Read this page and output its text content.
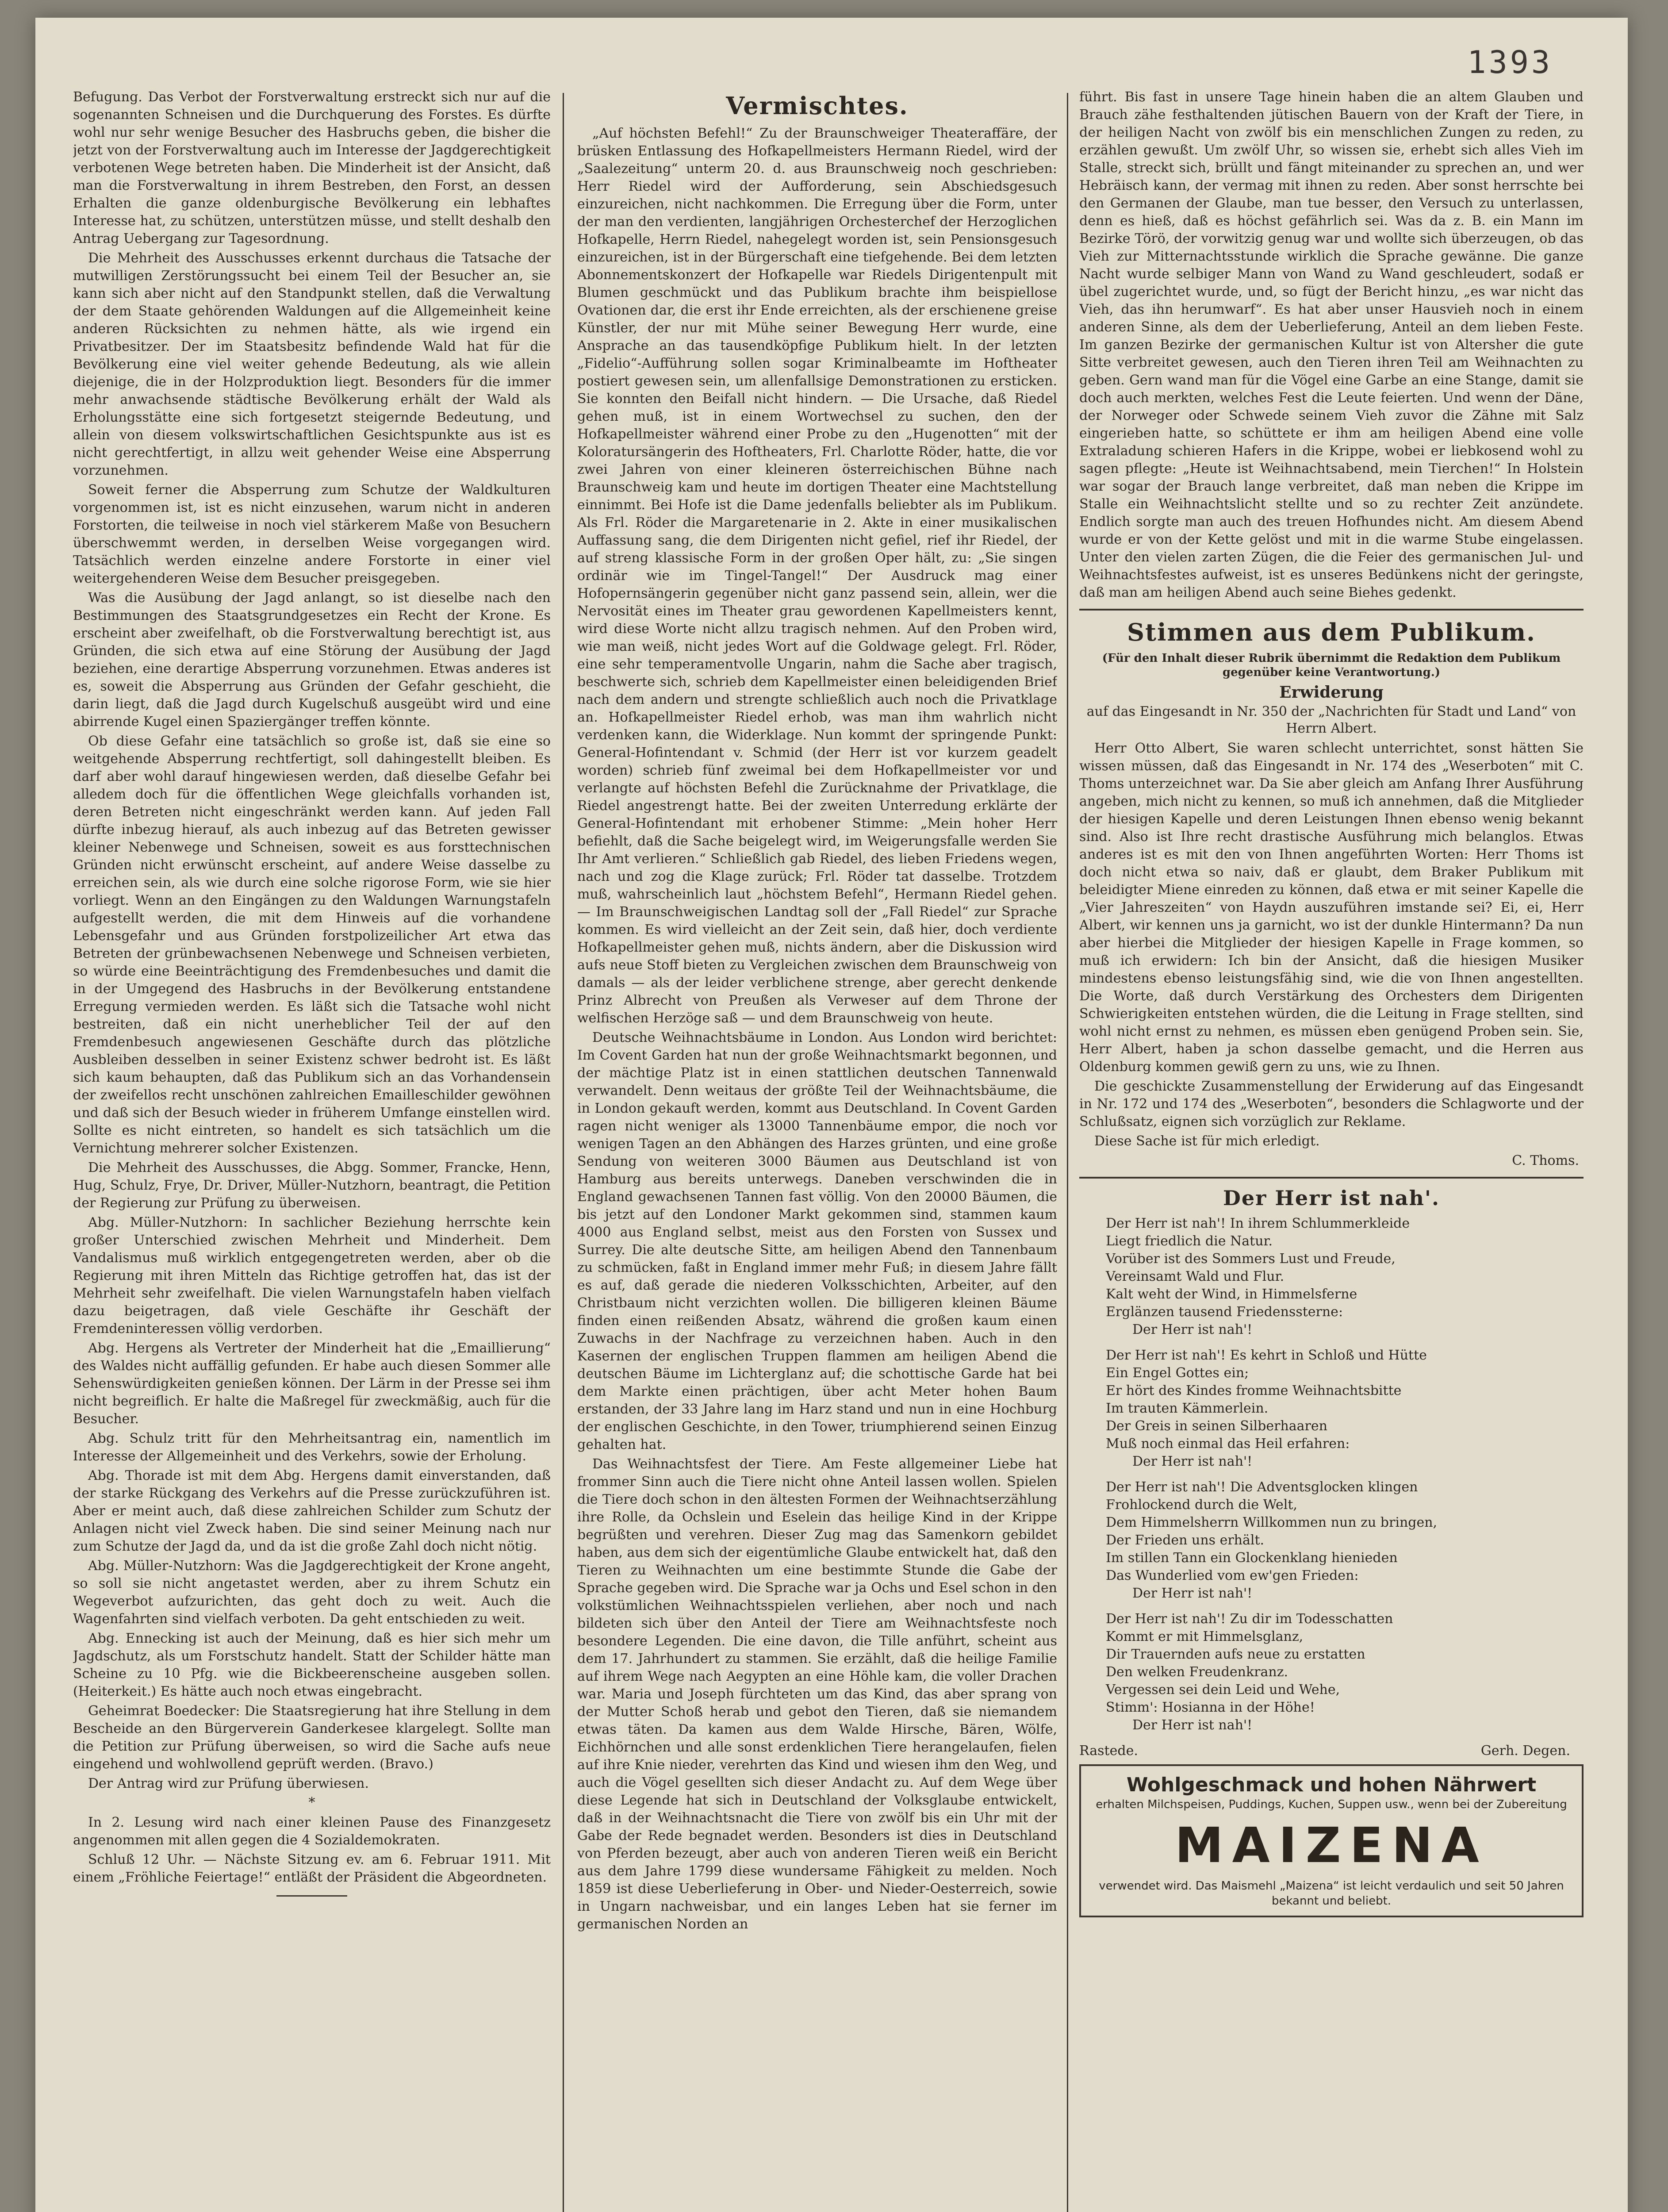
1393

Befugung. Das Verbot der Forstverwaltung erstreckt sich nur auf die sogenannten Schneisen und die Durchquerung des Forstes. Es dürfte wohl nur sehr wenige Besucher des Hasbruchs geben, die bisher die jetzt von der Forstverwaltung auch im Interesse der Jagdgerechtigkeit verbotenen Wege betreten haben. Die Minderheit ist der Ansicht, daß man die Forstverwaltung in ihrem Bestreben, den Forst, an dessen Erhalten die ganze oldenburgische Bevölkerung ein lebhaftes Interesse hat, zu schützen, unterstützen müsse, und stellt deshalb den Antrag Uebergang zur Tagesordnung.

Die Mehrheit des Ausschusses erkennt durchaus die Tatsache der mutwilligen Zerstörungssucht bei einem Teil der Besucher an, sie kann sich aber nicht auf den Standpunkt stellen, daß die Verwaltung der dem Staate gehörenden Waldungen auf die Allgemeinheit keine anderen Rücksichten zu nehmen hätte, als wie irgend ein Privatbesitzer. Der im Staatsbesitz befindende Wald hat für die Bevölkerung eine viel weiter gehende Bedeutung, als wie allein diejenige, die in der Holzproduktion liegt. Besonders für die immer mehr anwachsende städtische Bevölkerung erhält der Wald als Erholungsstätte eine sich fortgesetzt steigernde Bedeutung, und allein von diesem volkswirtschaftlichen Gesichtspunkte aus ist es nicht gerechtfertigt, in allzu weit gehender Weise eine Absperrung vorzunehmen.

Soweit ferner die Absperrung zum Schutze der Waldkulturen vorgenommen ist, ist es nicht einzusehen, warum nicht in anderen Forstorten, die teilweise in noch viel stärkerem Maße von Besuchern überschwemmt werden, in derselben Weise vorgegangen wird. Tatsächlich werden einzelne andere Forstorte in einer viel weitergehenderen Weise dem Besucher preisgegeben.

Was die Ausübung der Jagd anlangt, so ist dieselbe nach den Bestimmungen des Staatsgrundgesetzes ein Recht der Krone. Es erscheint aber zweifelhaft, ob die Forstverwaltung berechtigt ist, aus Gründen, die sich etwa auf eine Störung der Ausübung der Jagd beziehen, eine derartige Absperrung vorzunehmen. Etwas anderes ist es, soweit die Absperrung aus Gründen der Gefahr geschieht, die darin liegt, daß die Jagd durch Kugelschuß ausgeübt wird und eine abirrende Kugel einen Spaziergänger treffen könnte.

Ob diese Gefahr eine tatsächlich so große ist, daß sie eine so weitgehende Absperrung rechtfertigt, soll dahingestellt bleiben. Es darf aber wohl darauf hingewiesen werden, daß dieselbe Gefahr bei alledem doch für die öffentlichen Wege gleichfalls vorhanden ist, deren Betreten nicht eingeschränkt werden kann. Auf jeden Fall dürfte inbezug hierauf, als auch inbezug auf das Betreten gewisser kleiner Nebenwege und Schneisen, soweit es aus forsttechnischen Gründen nicht erwünscht erscheint, auf andere Weise dasselbe zu erreichen sein, als wie durch eine solche rigorose Form, wie sie hier vorliegt. Wenn an den Eingängen zu den Waldungen Warnungstafeln aufgestellt werden, die mit dem Hinweis auf die vorhandene Lebensgefahr und aus Gründen forstpolizeilicher Art etwa das Betreten der grünbewachsenen Nebenwege und Schneisen verbieten, so würde eine Beeinträchtigung des Fremdenbesuches und damit die in der Umgegend des Hasbruchs in der Bevölkerung entstandene Erregung vermieden werden. Es läßt sich die Tatsache wohl nicht bestreiten, daß ein nicht unerheblicher Teil der auf den Fremdenbesuch angewiesenen Geschäfte durch das plötzliche Ausbleiben desselben in seiner Existenz schwer bedroht ist. Es läßt sich kaum behaupten, daß das Publikum sich an das Vorhandensein der zweifellos recht unschönen zahlreichen Emailleschilder gewöhnen und daß sich der Besuch wieder in früherem Umfange einstellen wird. Sollte es nicht eintreten, so handelt es sich tatsächlich um die Vernichtung mehrerer solcher Existenzen.

Die Mehrheit des Ausschusses, die Abgg. Sommer, Francke, Henn, Hug, Schulz, Frye, Dr. Driver, Müller-Nutzhorn, beantragt, die Petition der Regierung zur Prüfung zu überweisen.

Abg. Müller-Nutzhorn: In sachlicher Beziehung herrschte kein großer Unterschied zwischen Mehrheit und Minderheit. Dem Vandalismus muß wirklich entgegengetreten werden, aber ob die Regierung mit ihren Mitteln das Richtige getroffen hat, das ist der Mehrheit sehr zweifelhaft. Die vielen Warnungstafeln haben vielfach dazu beigetragen, daß viele Geschäfte ihr Geschäft der Fremdeninteressen völlig verdorben.

Abg. Hergens als Vertreter der Minderheit hat die „Emaillierung“ des Waldes nicht auffällig gefunden. Er habe auch diesen Sommer alle Sehenswürdigkeiten genießen können. Der Lärm in der Presse sei ihm nicht begreiflich. Er halte die Maßregel für zweckmäßig, auch für die Besucher.

Abg. Schulz tritt für den Mehrheitsantrag ein, namentlich im Interesse der Allgemeinheit und des Verkehrs, sowie der Erholung.

Abg. Thorade ist mit dem Abg. Hergens damit einverstanden, daß der starke Rückgang des Verkehrs auf die Presse zurückzuführen ist. Aber er meint auch, daß diese zahlreichen Schilder zum Schutz der Anlagen nicht viel Zweck haben. Die sind seiner Meinung nach nur zum Schutze der Jagd da, und da ist die große Zahl doch nicht nötig.

Abg. Müller-Nutzhorn: Was die Jagdgerechtigkeit der Krone angeht, so soll sie nicht angetastet werden, aber zu ihrem Schutz ein Wegeverbot aufzurichten, das geht doch zu weit. Auch die Wagenfahrten sind vielfach verboten. Da geht entschieden zu weit.

Abg. Ennecking ist auch der Meinung, daß es hier sich mehr um Jagdschutz, als um Forstschutz handelt. Statt der Schilder hätte man Scheine zu 10 Pfg. wie die Bickbeerenscheine ausgeben sollen. (Heiterkeit.) Es hätte auch noch etwas eingebracht.

Geheimrat Boedecker: Die Staatsregierung hat ihre Stellung in dem Bescheide an den Bürgerverein Ganderkesee klargelegt. Sollte man die Petition zur Prüfung überweisen, so wird die Sache aufs neue eingehend und wohlwollend geprüft werden. (Bravo.)

Der Antrag wird zur Prüfung überwiesen.

*

In 2. Lesung wird nach einer kleinen Pause des Finanzgesetz angenommen mit allen gegen die 4 Sozialdemokraten.

Schluß 12 Uhr. — Nächste Sitzung ev. am 6. Februar 1911. Mit einem „Fröhliche Feiertage!“ entläßt der Präsident die Abgeordneten.

Vermischtes.

„Auf höchsten Befehl!“ Zu der Braunschweiger Theateraffäre, der brüsken Entlassung des Hofkapellmeisters Hermann Riedel, wird der „Saalezeitung“ unterm 20. d. aus Braunschweig noch geschrieben: Herr Riedel wird der Aufforderung, sein Abschiedsgesuch einzureichen, nicht nachkommen. Die Erregung über die Form, unter der man den verdienten, langjährigen Orchesterchef der Herzoglichen Hofkapelle, Herrn Riedel, nahegelegt worden ist, sein Pensionsgesuch einzureichen, ist in der Bürgerschaft eine tiefgehende. Bei dem letzten Abonnementskonzert der Hofkapelle war Riedels Dirigentenpult mit Blumen geschmückt und das Publikum brachte ihm beispiellose Ovationen dar, die erst ihr Ende erreichten, als der erschienene greise Künstler, der nur mit Mühe seiner Bewegung Herr wurde, eine Ansprache an das tausendköpfige Publikum hielt. In der letzten „Fidelio“-Aufführung sollen sogar Kriminalbeamte im Hoftheater postiert gewesen sein, um allenfallsige Demonstrationen zu ersticken. Sie konnten den Beifall nicht hindern. — Die Ursache, daß Riedel gehen muß, ist in einem Wortwechsel zu suchen, den der Hofkapellmeister während einer Probe zu den „Hugenotten“ mit der Koloratursängerin des Hoftheaters, Frl. Charlotte Röder, hatte, die vor zwei Jahren von einer kleineren österreichischen Bühne nach Braunschweig kam und heute im dortigen Theater eine Machtstellung einnimmt. Bei Hofe ist die Dame jedenfalls beliebter als im Publikum. Als Frl. Röder die Margaretenarie in 2. Akte in einer musikalischen Auffassung sang, die dem Dirigenten nicht gefiel, rief ihr Riedel, der auf streng klassische Form in der großen Oper hält, zu: „Sie singen ordinär wie im Tingel-Tangel!“ Der Ausdruck mag einer Hofopernsängerin gegenüber nicht ganz passend sein, allein, wer die Nervosität eines im Theater grau gewordenen Kapellmeisters kennt, wird diese Worte nicht allzu tragisch nehmen. Auf den Proben wird, wie man weiß, nicht jedes Wort auf die Goldwage gelegt. Frl. Röder, eine sehr temperamentvolle Ungarin, nahm die Sache aber tragisch, beschwerte sich, schrieb dem Kapellmeister einen beleidigenden Brief nach dem andern und strengte schließlich auch noch die Privatklage an. Hofkapellmeister Riedel erhob, was man ihm wahrlich nicht verdenken kann, die Widerklage. Nun kommt der springende Punkt: General-Hofintendant v. Schmid (der Herr ist vor kurzem geadelt worden) schrieb fünf zweimal bei dem Hofkapellmeister vor und verlangte auf höchsten Befehl die Zurücknahme der Privatklage, die Riedel angestrengt hatte. Bei der zweiten Unterredung erklärte der General-Hofintendant mit erhobener Stimme: „Mein hoher Herr befiehlt, daß die Sache beigelegt wird, im Weigerungsfalle werden Sie Ihr Amt verlieren.“ Schließlich gab Riedel, des lieben Friedens wegen, nach und zog die Klage zurück; Frl. Röder tat dasselbe. Trotzdem muß, wahrscheinlich laut „höchstem Befehl“, Hermann Riedel gehen. — Im Braunschweigischen Landtag soll der „Fall Riedel“ zur Sprache kommen. Es wird vielleicht an der Zeit sein, daß hier, doch verdiente Hofkapellmeister gehen muß, nichts ändern, aber die Diskussion wird aufs neue Stoff bieten zu Vergleichen zwischen dem Braunschweig von damals — als der leider verblichene strenge, aber gerecht denkende Prinz Albrecht von Preußen als Verweser auf dem Throne der welfischen Herzöge saß — und dem Braunschweig von heute.

Deutsche Weihnachtsbäume in London. Aus London wird berichtet: Im Covent Garden hat nun der große Weihnachtsmarkt begonnen, und der mächtige Platz ist in einen stattlichen deutschen Tannenwald verwandelt. Denn weitaus der größte Teil der Weihnachtsbäume, die in London gekauft werden, kommt aus Deutschland. In Covent Garden ragen nicht weniger als 13000 Tannenbäume empor, die noch vor wenigen Tagen an den Abhängen des Harzes grünten, und eine große Sendung von weiteren 3000 Bäumen aus Deutschland ist von Hamburg aus bereits unterwegs. Daneben verschwinden die in England gewachsenen Tannen fast völlig. Von den 20000 Bäumen, die bis jetzt auf den Londoner Markt gekommen sind, stammen kaum 4000 aus England selbst, meist aus den Forsten von Sussex und Surrey. Die alte deutsche Sitte, am heiligen Abend den Tannenbaum zu schmücken, faßt in England immer mehr Fuß; in diesem Jahre fällt es auf, daß gerade die niederen Volksschichten, Arbeiter, auf den Christbaum nicht verzichten wollen. Die billigeren kleinen Bäume finden einen reißenden Absatz, während die großen kaum einen Zuwachs in der Nachfrage zu verzeichnen haben. Auch in den Kasernen der englischen Truppen flammen am heiligen Abend die deutschen Bäume im Lichterglanz auf; die schottische Garde hat bei dem Markte einen prächtigen, über acht Meter hohen Baum erstanden, der 33 Jahre lang im Harz stand und nun in eine Hochburg der englischen Geschichte, in den Tower, triumphierend seinen Einzug gehalten hat.

Das Weihnachtsfest der Tiere. Am Feste allgemeiner Liebe hat frommer Sinn auch die Tiere nicht ohne Anteil lassen wollen. Spielen die Tiere doch schon in den ältesten Formen der Weihnachtserzählung ihre Rolle, da Ochslein und Eselein das heilige Kind in der Krippe begrüßten und verehren. Dieser Zug mag das Samenkorn gebildet haben, aus dem sich der eigentümliche Glaube entwickelt hat, daß den Tieren zu Weihnachten um eine bestimmte Stunde die Gabe der Sprache gegeben wird. Die Sprache war ja Ochs und Esel schon in den volkstümlichen Weihnachtsspielen verliehen, aber noch und nach bildeten sich über den Anteil der Tiere am Weihnachtsfeste noch besondere Legenden. Die eine davon, die Tille anführt, scheint aus dem 17. Jahrhundert zu stammen. Sie erzählt, daß die heilige Familie auf ihrem Wege nach Aegypten an eine Höhle kam, die voller Drachen war. Maria und Joseph fürchteten um das Kind, das aber sprang von der Mutter Schoß herab und gebot den Tieren, daß sie niemandem etwas täten. Da kamen aus dem Walde Hirsche, Bären, Wölfe, Eichhörnchen und alle sonst erdenklichen Tiere herangelaufen, fielen auf ihre Knie nieder, verehrten das Kind und wiesen ihm den Weg, und auch die Vögel gesellten sich dieser Andacht zu. Auf dem Wege über diese Legende hat sich in Deutschland der Volksglaube entwickelt, daß in der Weihnachtsnacht die Tiere von zwölf bis ein Uhr mit der Gabe der Rede begnadet werden. Besonders ist dies in Deutschland von Pferden bezeugt, aber auch von anderen Tieren weiß ein Bericht aus dem Jahre 1799 diese wundersame Fähigkeit zu melden. Noch 1859 ist diese Ueberlieferung in Ober- und Nieder-Oesterreich, sowie in Ungarn nachweisbar, und ein langes Leben hat sie ferner im germanischen Norden an

führt. Bis fast in unsere Tage hinein haben die an altem Glauben und Brauch zähe festhaltenden jütischen Bauern von der Kraft der Tiere, in der heiligen Nacht von zwölf bis ein menschlichen Zungen zu reden, zu erzählen gewußt. Um zwölf Uhr, so wissen sie, erhebt sich alles Vieh im Stalle, streckt sich, brüllt und fängt miteinander zu sprechen an, und wer Hebräisch kann, der vermag mit ihnen zu reden. Aber sonst herrschte bei den Germanen der Glaube, man tue besser, den Versuch zu unterlassen, denn es hieß, daß es höchst gefährlich sei. Was da z. B. ein Mann im Bezirke Törö, der vorwitzig genug war und wollte sich überzeugen, ob das Vieh zur Mitternachtsstunde wirklich die Sprache gewänne. Die ganze Nacht wurde selbiger Mann von Wand zu Wand geschleudert, sodaß er übel zugerichtet wurde, und, so fügt der Bericht hinzu, „es war nicht das Vieh, das ihn herumwarf“. Es hat aber unser Hausvieh noch in einem anderen Sinne, als dem der Ueberlieferung, Anteil an dem lieben Feste. Im ganzen Bezirke der germanischen Kultur ist von Altersher die gute Sitte verbreitet gewesen, auch den Tieren ihren Teil am Weihnachten zu geben. Gern wand man für die Vögel eine Garbe an eine Stange, damit sie doch auch merkten, welches Fest die Leute feierten. Und wenn der Däne, der Norweger oder Schwede seinem Vieh zuvor die Zähne mit Salz eingerieben hatte, so schüttete er ihm am heiligen Abend eine volle Extraladung schieren Hafers in die Krippe, wobei er liebkosend wohl zu sagen pflegte: „Heute ist Weihnachtsabend, mein Tierchen!“ In Holstein war sogar der Brauch lange verbreitet, daß man neben die Krippe im Stalle ein Weihnachtslicht stellte und so zu rechter Zeit anzündete. Endlich sorgte man auch des treuen Hofhundes nicht. Am diesem Abend wurde er von der Kette gelöst und mit in die warme Stube eingelassen. Unter den vielen zarten Zügen, die die Feier des germanischen Jul- und Weihnachtsfestes aufweist, ist es unseres Bedünkens nicht der geringste, daß man am heiligen Abend auch seine Biehes gedenkt.

Stimmen aus dem Publikum.
(Für den Inhalt dieser Rubrik übernimmt die Redaktion dem Publikum gegenüber keine Verantwortung.)
Erwiderung
auf das Eingesandt in Nr. 350 der „Nachrichten für Stadt und Land“ von Herrn Albert.

Herr Otto Albert, Sie waren schlecht unterrichtet, sonst hätten Sie wissen müssen, daß das Eingesandt in Nr. 174 des „Weserboten“ mit C. Thoms unterzeichnet war. Da Sie aber gleich am Anfang Ihrer Ausführung angeben, mich nicht zu kennen, so muß ich annehmen, daß die Mitglieder der hiesigen Kapelle und deren Leistungen Ihnen ebenso wenig bekannt sind. Also ist Ihre recht drastische Ausführung mich belanglos. Etwas anderes ist es mit den von Ihnen angeführten Worten: Herr Thoms ist doch nicht etwa so naiv, daß er glaubt, dem Braker Publikum mit beleidigter Miene einreden zu können, daß etwa er mit seiner Kapelle die „Vier Jahreszeiten“ von Haydn auszuführen imstande sei? Ei, ei, Herr Albert, wir kennen uns ja garnicht, wo ist der dunkle Hintermann? Da nun aber hierbei die Mitglieder der hiesigen Kapelle in Frage kommen, so muß ich erwidern: Ich bin der Ansicht, daß die hiesigen Musiker mindestens ebenso leistungsfähig sind, wie die von Ihnen angestellten. Die Worte, daß durch Verstärkung des Orchesters dem Dirigenten Schwierigkeiten entstehen würden, die die Leitung in Frage stellten, sind wohl nicht ernst zu nehmen, es müssen eben genügend Proben sein. Sie, Herr Albert, haben ja schon dasselbe gemacht, und die Herren aus Oldenburg kommen gewiß gern zu uns, wie zu Ihnen.

Die geschickte Zusammenstellung der Erwiderung auf das Eingesandt in Nr. 172 und 174 des „Weserboten“, besonders die Schlagworte und der Schlußsatz, eignen sich vorzüglich zur Reklame.

Diese Sache ist für mich erledigt.

C. Thoms.
Der Herr ist nah'.
Der Herr ist nah'! In ihrem Schlummerkleide
Liegt friedlich die Natur.
Vorüber ist des Sommers Lust und Freude,
Vereinsamt Wald und Flur.
Kalt weht der Wind, in Himmelsferne
Erglänzen tausend Friedenssterne:
Der Herr ist nah'!
Der Herr ist nah'! Es kehrt in Schloß und Hütte
Ein Engel Gottes ein;
Er hört des Kindes fromme Weihnachtsbitte
Im trauten Kämmerlein.
Der Greis in seinen Silberhaaren
Muß noch einmal das Heil erfahren:
Der Herr ist nah'!
Der Herr ist nah'! Die Adventsglocken klingen
Frohlockend durch die Welt,
Dem Himmelsherrn Willkommen nun zu bringen,
Der Frieden uns erhält.
Im stillen Tann ein Glockenklang hienieden
Das Wunderlied vom ew'gen Frieden:
Der Herr ist nah'!
Der Herr ist nah'! Zu dir im Todesschatten
Kommt er mit Himmelsglanz,
Dir Trauernden aufs neue zu erstatten
Den welken Freudenkranz.
Vergessen sei dein Leid und Wehe,
Stimm': Hosianna in der Höhe!
Der Herr ist nah'!
Rastede.	Gerh. Degen.
Wohlgeschmack und hohen Nährwert
erhalten Milchspeisen, Puddings, Kuchen, Suppen usw., wenn bei der Zubereitung
MAIZENA
verwendet wird. Das Maismehl „Maizena“ ist leicht verdaulich und seit 50 Jahren bekannt und beliebt.
